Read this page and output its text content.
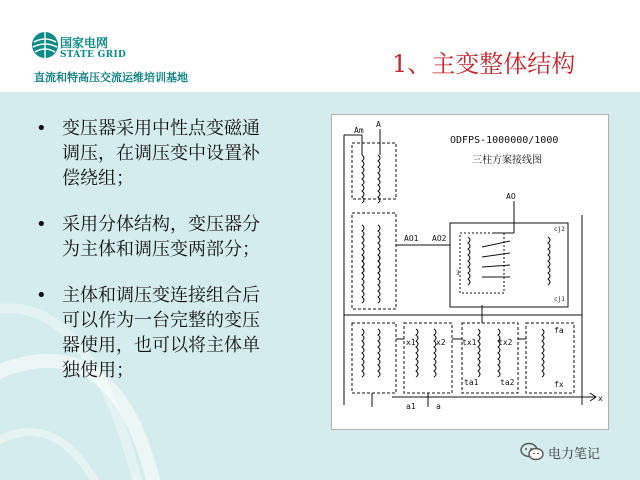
国家电网
STATE GRID
直流和特高压交流运维培训基地	1、主变整体结构
• 变压器采用中性点变磁通
调压，在调压变中设置补
偿绕组；
• 采用分体结构，变压器分
为主体和调压变两部分；
• 主体和调压变连接组合后
可以作为一台完整的变压
器使用，也可以将主体单
独使用；
ODFPS-1000000/1000
三柱方案接线图
Am
A
AO
AO1 AO2
cj2
cj1
3
x1	x2 tx1	tx2
ta1	ta2
fa
fx
a1	a
x
电力笔记
